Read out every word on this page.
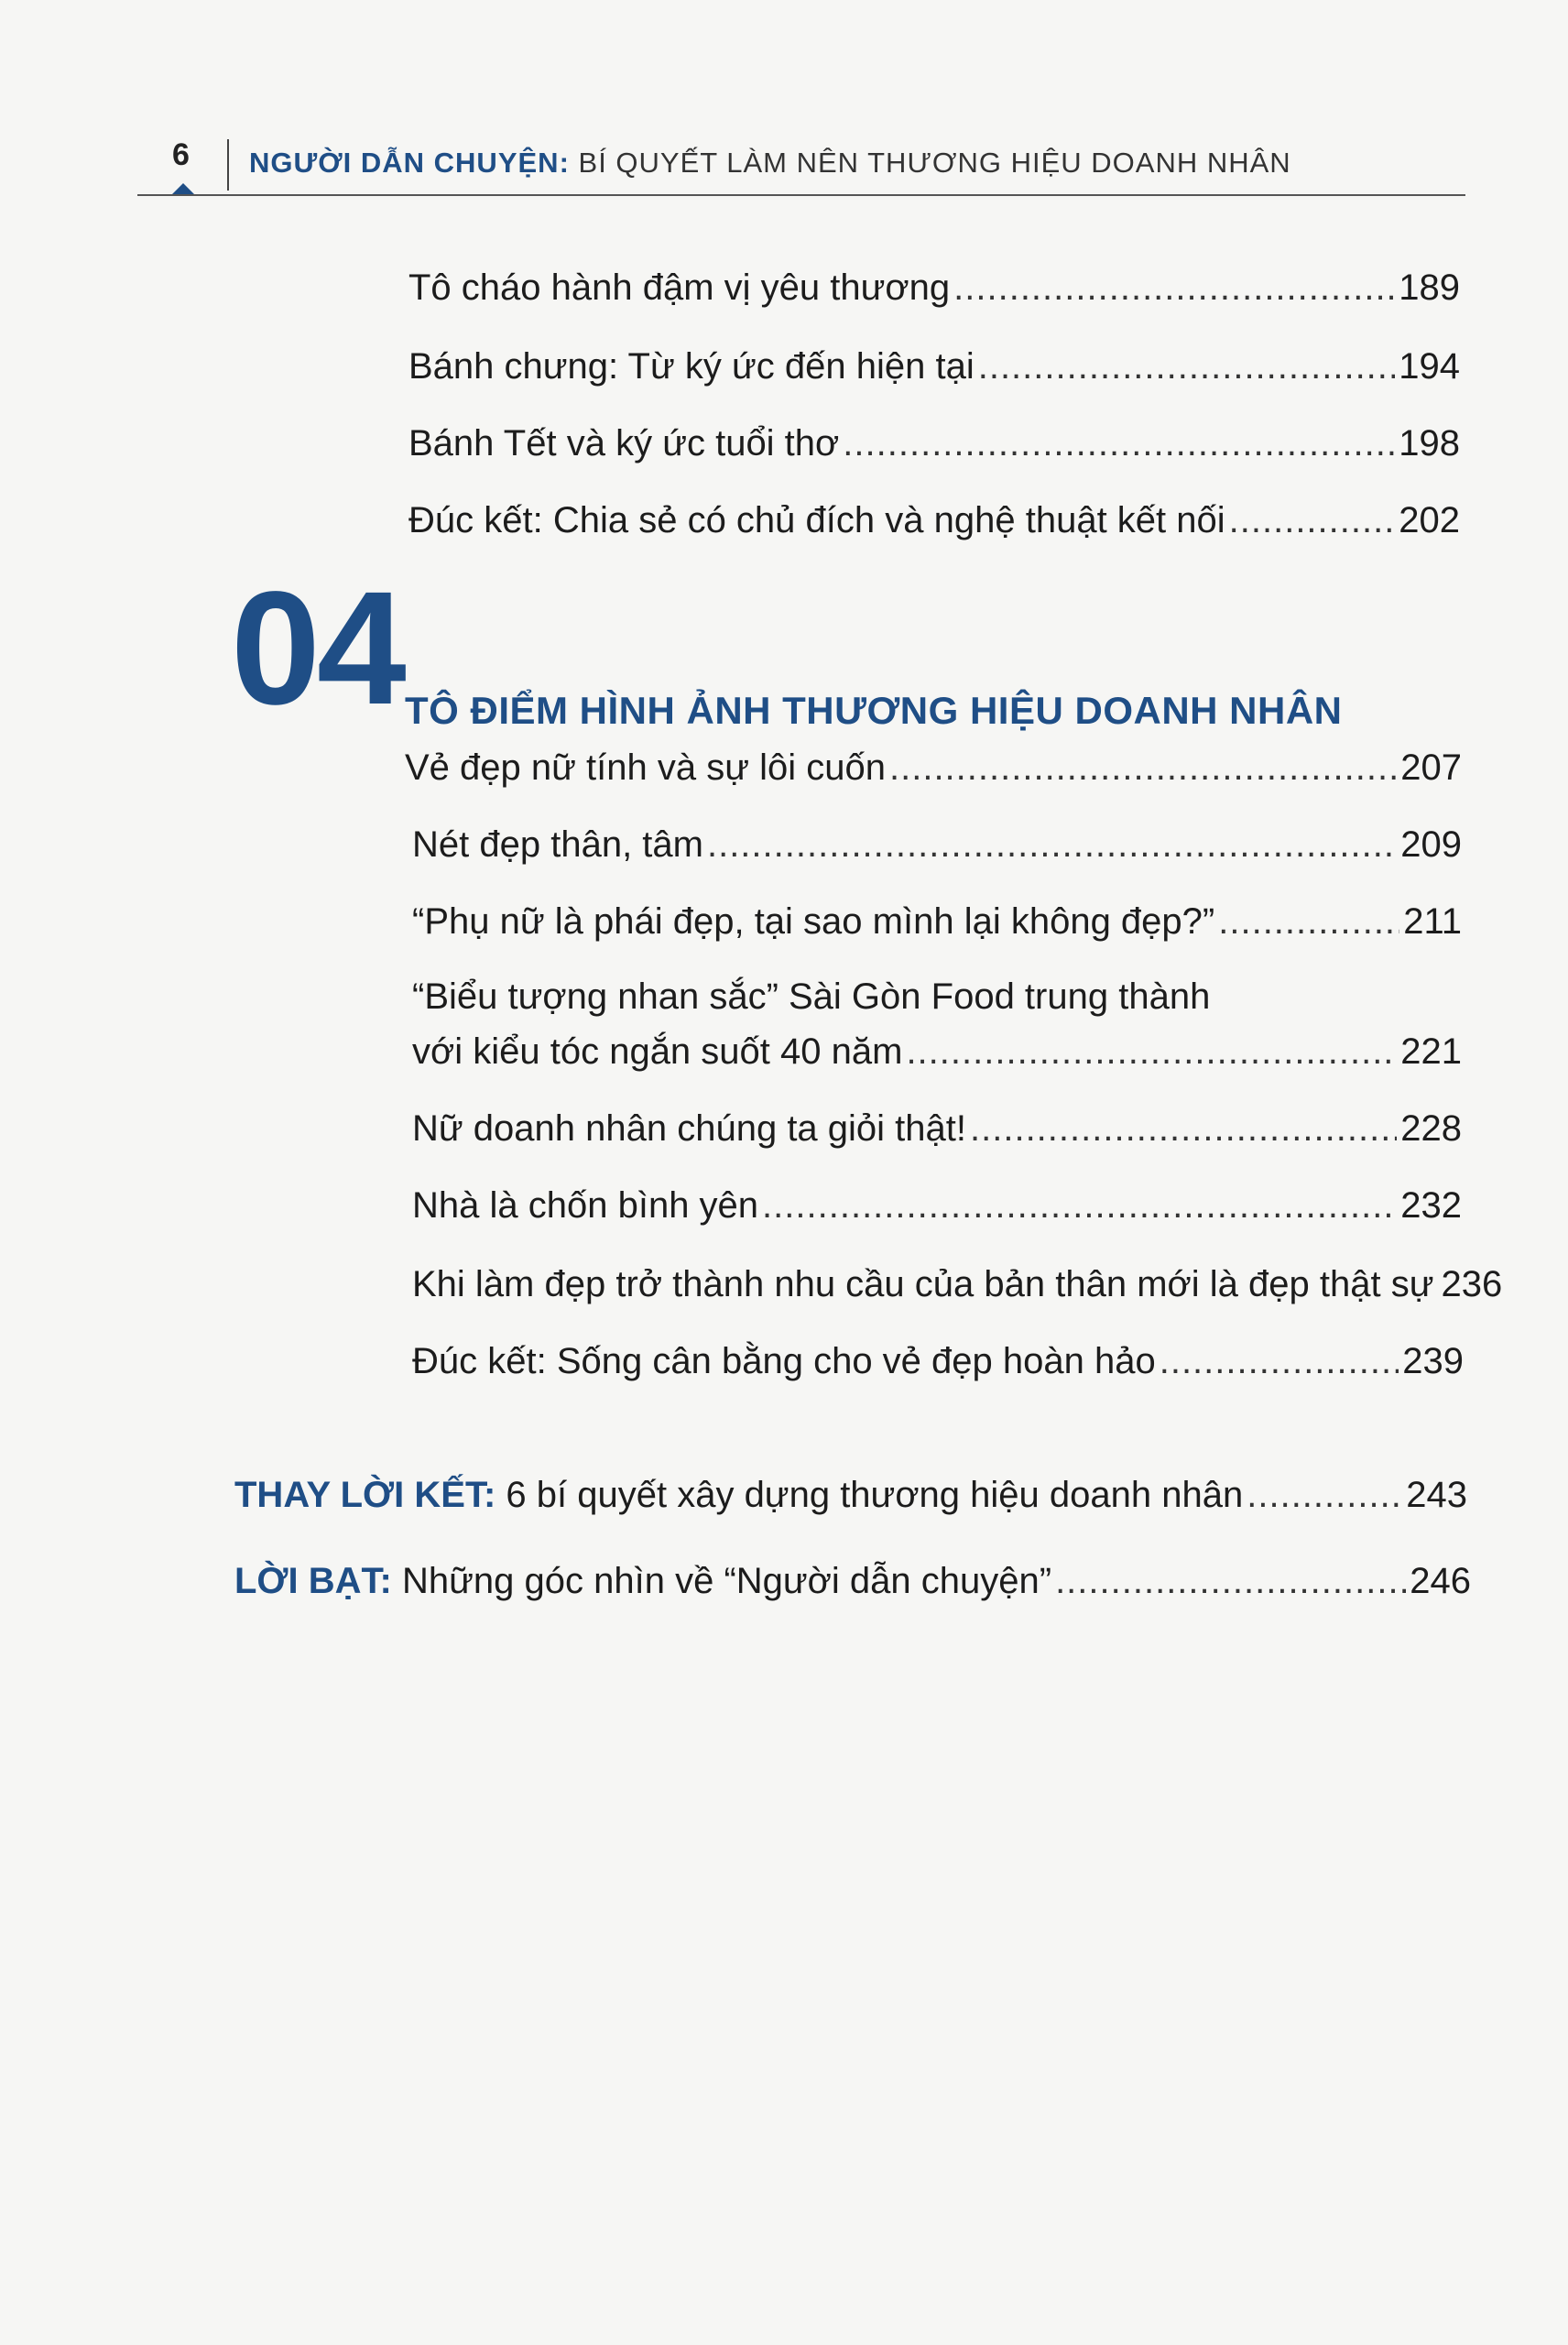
6 NGƯỜI DẪN CHUYỆN: BÍ QUYẾT LÀM NÊN THƯƠNG HIỆU DOANH NHÂN
Tô cháo hành đậm vị yêu thương .....	189
Bánh chưng: Từ ký ức đến hiện tại .....	194
Bánh Tết và ký ức tuổi thơ .....	198
Đúc kết: Chia sẻ có chủ đích và nghệ thuật kết nối .....	202
04 TÔ ĐIỂM HÌNH ẢNH THƯƠNG HIỆU DOANH NHÂN
Vẻ đẹp nữ tính và sự lôi cuốn .....	207
Nét đẹp thân, tâm .....	209
“Phụ nữ là phái đẹp, tại sao mình lại không đẹp?” .....	211
“Biểu tượng nhan sắc” Sài Gòn Food trung thành
với kiểu tóc ngắn suốt 40 năm .....	221
Nữ doanh nhân chúng ta giỏi thật! .....	228
Nhà là chốn bình yên .....	232
Khi làm đẹp trở thành nhu cầu của bản thân mới là đẹp thật sự 236
Đúc kết: Sống cân bằng cho vẻ đẹp hoàn hảo .....	239
THAY LỜI KẾT: 6 bí quyết xây dựng thương hiệu doanh nhân .....	243
LỜI BẠT: Những góc nhìn về “Người dẫn chuyện” .....	246
